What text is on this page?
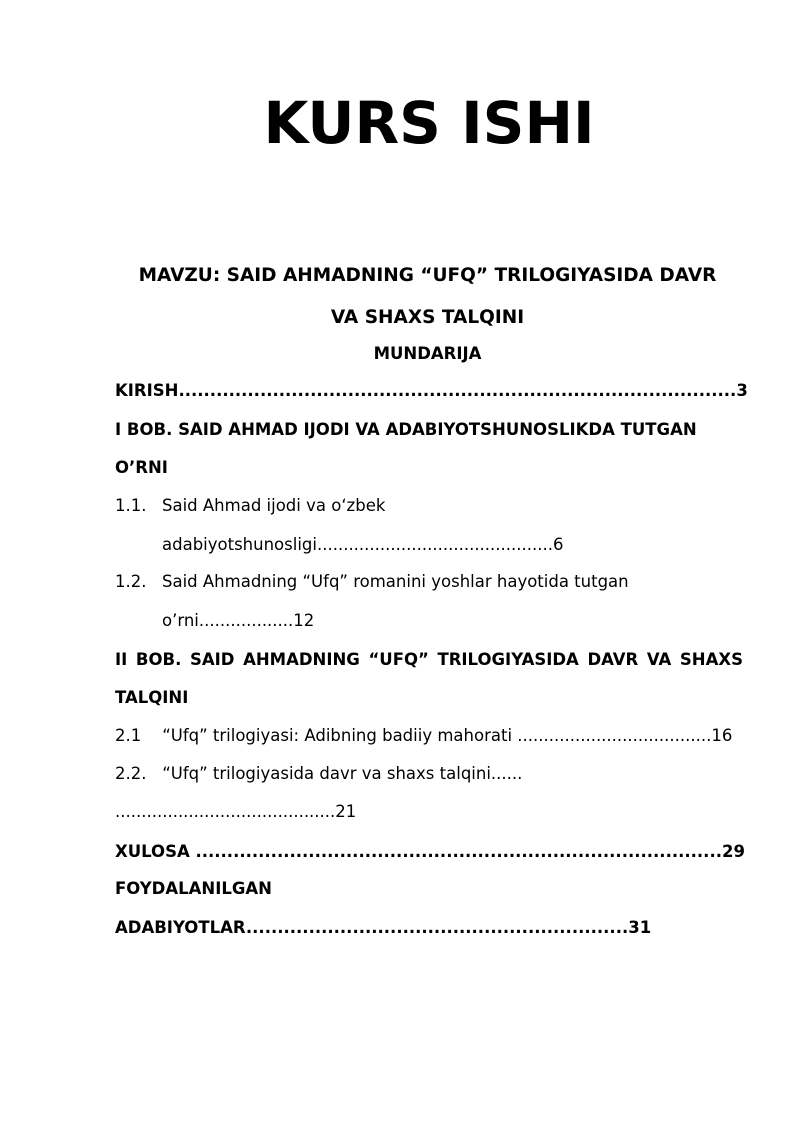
KURS ISHI
MAVZU: SAID AHMADNING “UFQ” TRILOGIYASIDA DAVR
VA SHAXS TALQINI
MUNDARIJA
KIRISH.........................................................................................3
I BOB. SAID AHMAD IJODI VA ADABIYOTSHUNOSLIKDA TUTGAN
O’RNI
1.1. Said Ahmad ijodi va o‘zbek
adabiyotshunosligi.............................................6
1.2. Said Ahmadning “Ufq” romanini yoshlar hayotida tutgan
o’rni..................12
II BOB. SAID AHMADNING “UFQ” TRILOGIYASIDA DAVR VA SHAXS
TALQINI
2.1    “Ufq” trilogiyasi: Adibning badiiy mahorati .....................................16
2.2.   “Ufq” trilogiyasida davr va shaxs talqini......
..........................................21
XULOSA ....................................................................................29
FOYDALANILGAN
ADABIYOTLAR.............................................................31
